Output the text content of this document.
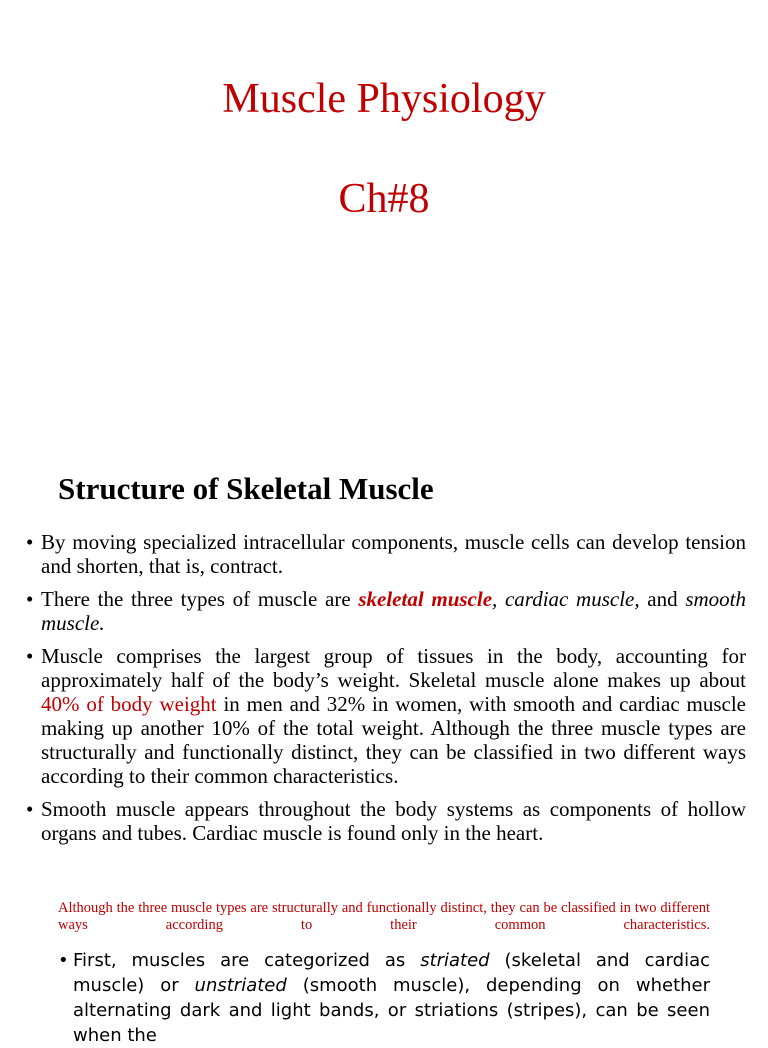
Muscle Physiology
Ch#8
Structure of Skeletal Muscle
• By moving specialized intracellular components, muscle cells can develop tension and shorten, that is, contract.
• There the three types of muscle are skeletal muscle, cardiac muscle, and smooth muscle.
• Muscle comprises the largest group of tissues in the body, accounting for approximately half of the body’s weight. Skeletal muscle alone makes up about 40% of body weight in men and 32% in women, with smooth and cardiac muscle making up another 10% of the total weight. Although the three muscle types are structurally and functionally distinct, they can be classified in two different ways according to their common characteristics.
• Smooth muscle appears throughout the body systems as components of hollow organs and tubes. Cardiac muscle is found only in the heart.

Although the three muscle types are structurally and functionally distinct, they can be classified in two different ways according to their common characteristics.

• First, muscles are categorized as striated (skeletal and cardiac muscle) or unstriated (smooth muscle), depending on whether alternating dark and light bands, or striations (stripes), can be seen when the
